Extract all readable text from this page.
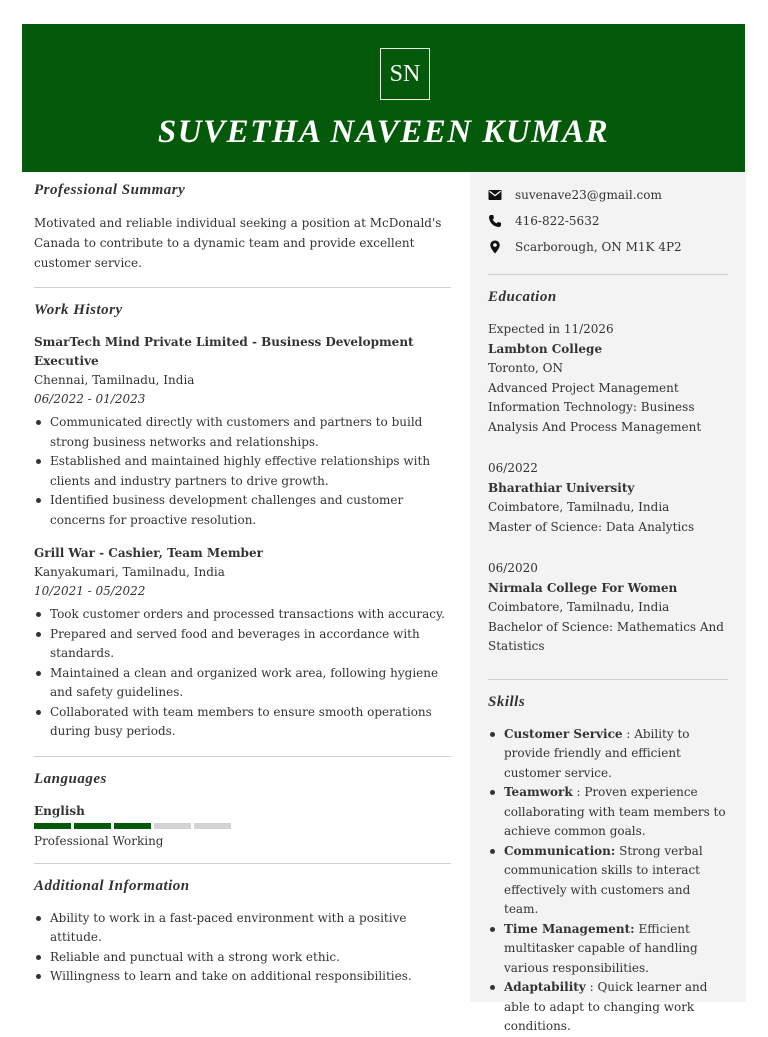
SN
SUVETHA NAVEEN KUMAR
Professional Summary

Motivated and reliable individual seeking a position at McDonald's Canada to contribute to a dynamic team and provide excellent customer service.

Work History
SmarTech Mind Private Limited - Business Development Executive
Chennai, Tamilnadu, India
06/2022 - 01/2023
Communicated directly with customers and partners to build strong business networks and relationships.
Established and maintained highly effective relationships with clients and industry partners to drive growth.
Identified business development challenges and customer concerns for proactive resolution.
Grill War - Cashier, Team Member
Kanyakumari, Tamilnadu, India
10/2021 - 05/2022
Took customer orders and processed transactions with accuracy.
Prepared and served food and beverages in accordance with standards.
Maintained a clean and organized work area, following hygiene and safety guidelines.
Collaborated with team members to ensure smooth operations during busy periods.
Languages
English
Professional Working
Additional Information
Ability to work in a fast-paced environment with a positive attitude.
Reliable and punctual with a strong work ethic.
Willingness to learn and take on additional responsibilities.
suvenave23@gmail.com
416-822-5632
Scarborough, ON M1K 4P2
Education
Expected in 11/2026
Lambton College
Toronto, ON
Advanced Project Management
Information Technology: Business Analysis And Process Management
06/2022
Bharathiar University
Coimbatore, Tamilnadu, India
Master of Science: Data Analytics
06/2020
Nirmala College For Women
Coimbatore, Tamilnadu, India
Bachelor of Science: Mathematics And Statistics
Skills
Customer Service : Ability to provide friendly and efficient customer service.
Teamwork : Proven experience collaborating with team members to achieve common goals.
Communication: Strong verbal communication skills to interact effectively with customers and team.
Time Management: Efficient multitasker capable of handling various responsibilities.
Adaptability : Quick learner and able to adapt to changing work conditions.
